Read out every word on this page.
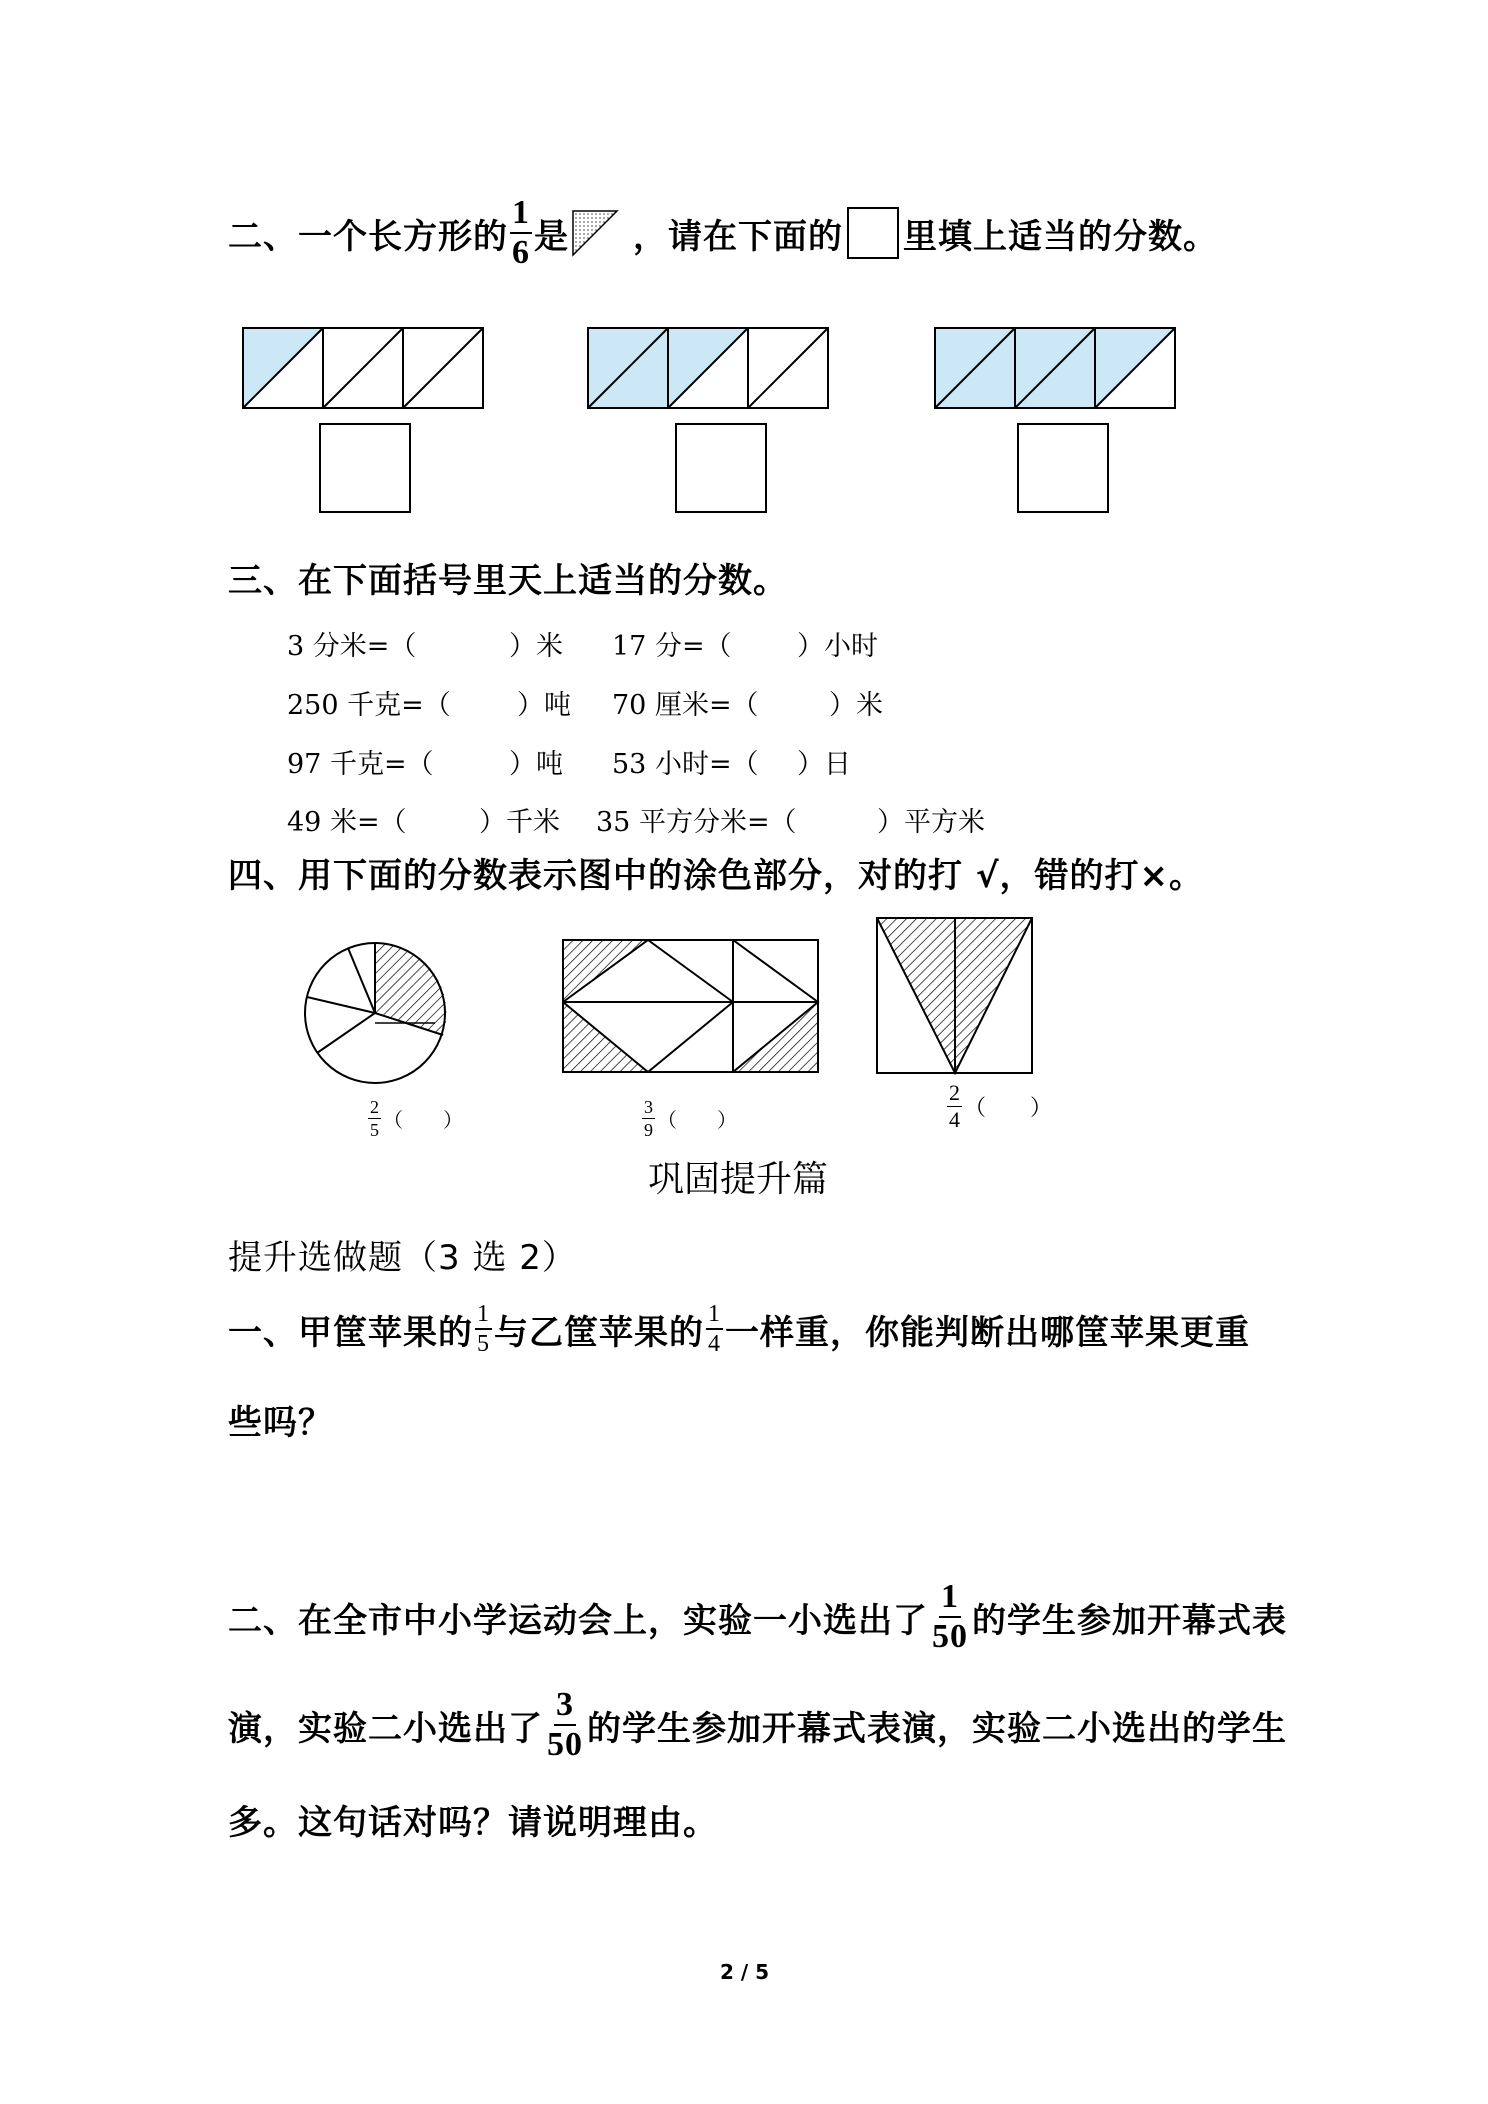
二、一个长方形的 $\frac{1}{6}$ 是 ，请在下面的 里填上适当的分数。
三、在下面括号里天上适当的分数。
3 分米=（	）米 17 分=（ ）小时
250 千克=（ ）吨 70 厘米=（	）米
97 千克=（	）吨 53 小时=（ ）日
49 米=（	）千米 35 平方分米=（	）平方米
四、用下面的分数表示图中的涂色部分，对的打 √，错的打×。
$\frac{2}{5}$ （　　）	$\frac{3}{9}$ （　　）	$\frac{2}{4}$ （　　）
巩固提升篇
提升选做题（3 选 2）
一、甲筐苹果的 $\frac{1}{5}$ 与乙筐苹果的 $\frac{1}{4}$ 一样重，你能判断出哪筐苹果更重
些吗？
二、在全市中小学运动会上，实验一小选出了 $\frac{1}{50}$ 的学生参加开幕式表
演，实验二小选出了 $\frac{3}{50}$ 的学生参加开幕式表演，实验二小选出的学生
多。这句话对吗？请说明理由。
2 / 5
